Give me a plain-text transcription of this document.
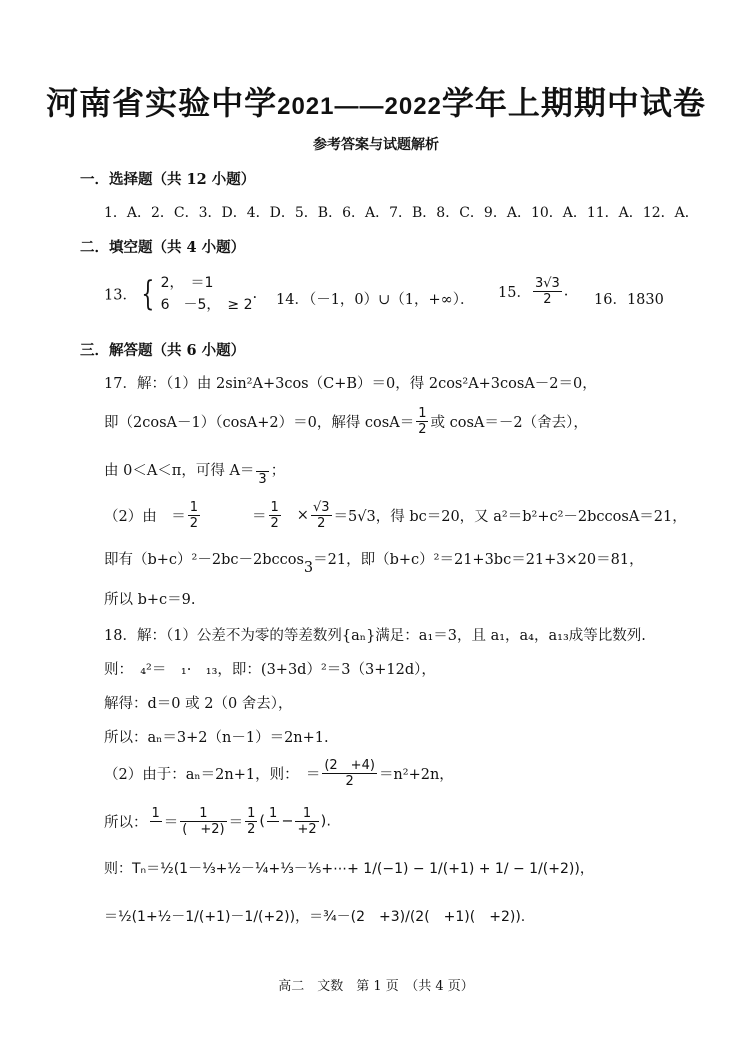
河南省实验中学2021——2022学年上期期中试卷
参考答案与试题解析
一．选择题（共 12 小题）
1．A．2．C．3．D．4．D．5．B．6．A．7．B．8．C．9．A．10．A．11．A．12．A．
二．填空题（共 4 小题）
13． { 2，　＝1
6　－5，　≥ 2
. 14．（－1，0）∪（1，+∞）． 15． $\frac{3√3}{2}$ .
16．1830
三．解答题（共 6 小题）
17．解：（1）由 2sin²A+3cos（C+B）＝0，得 2cos²A+3cosA－2＝0，
即（2cosA－1）（cosA+2）＝0，解得 $\cos A= \frac{1}{2}$ 或 cosA＝－2（舍去），
由 0＜A＜π，可得 A＝
3
；
（2）由　＝ $\frac{1}{2}$	＝ $\frac{1}{2} \times \frac{√3}{2} =5√3$，得 bc＝20，又 a²＝b²+c²－2bccosA＝21，
即有（b+c）²－2bc－2bccos3＝21，即（b+c）²＝21+3bc＝21+3×20＝81，
所以 b+c＝9.
18．解：（1）公差不为零的等差数列{aₙ}满足：a₁＝3，且 a₁，a₄，a₁₃成等比数列.
则：　₄²＝　₁·　₁₃，即：(3+3d）²＝3（3+12d），
解得：d＝0 或 2（0 舍去），
所以：aₙ＝3+2（n－1）＝2n+1.
（2）由于：aₙ＝2n+1，则：　＝ $\frac{(2 +4)}{2} =n^2+2n$，
所以：
1
＝ $\frac{1}{( +2)} = \frac{1}{2}$ ( $1 - \frac{1}{+2}$ ).
则：Tₙ＝½(1－⅓+½－¼+⅓－⅕+⋯+ 1/(−1) − 1/(+1) + 1/ − 1/(+2))，
＝½(1+½－1/(+1)－1/(+2))，＝¾－(2　+3)/(2(　+1)(　+2)).
高二　文数　第 1 页　（共 4 页）
